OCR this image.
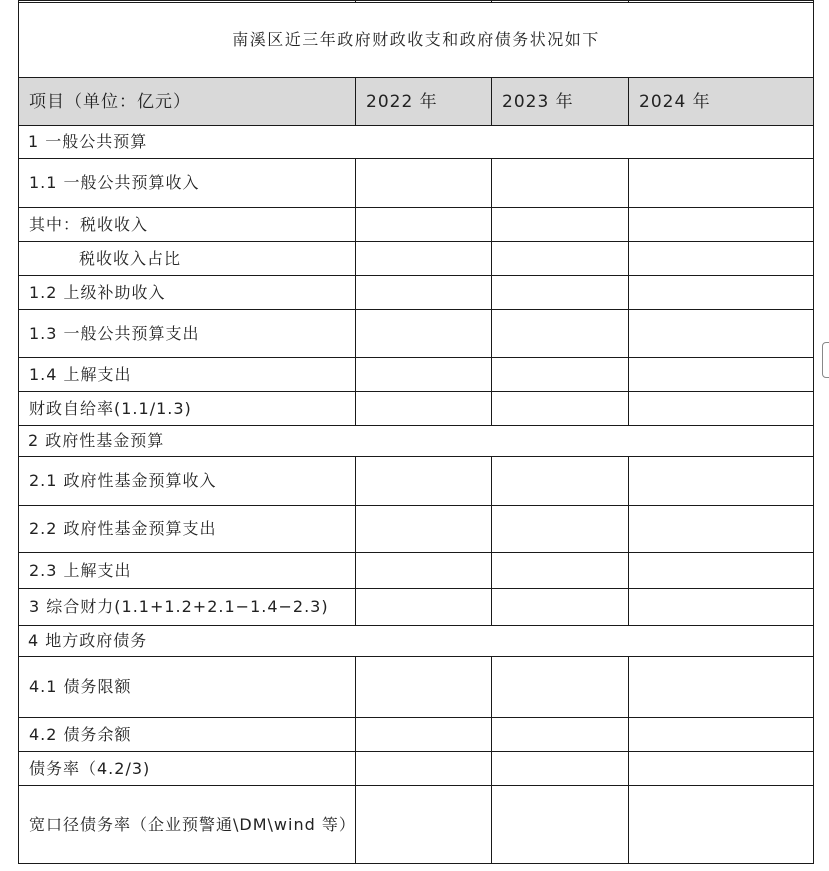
南溪区近三年政府财政收支和政府债务状况如下			
项目（单位：亿元）	2022 年	2023 年	2024 年
1 一般公共预算			
1.1 一般公共预算收入			
其中：税收收入			
税收收入占比			
1.2 上级补助收入			
1.3 一般公共预算支出			
1.4 上解支出			
财政自给率(1.1/1.3)			
2 政府性基金预算			
2.1 政府性基金预算收入			
2.2 政府性基金预算支出			
2.3 上解支出			
3 综合财力(1.1+1.2+2.1−1.4−2.3)			
4 地方政府债务			
4.1 债务限额			
4.2 债务余额			
债务率（4.2/3)			
宽口径债务率（企业预警通\DM\wind 等）			
